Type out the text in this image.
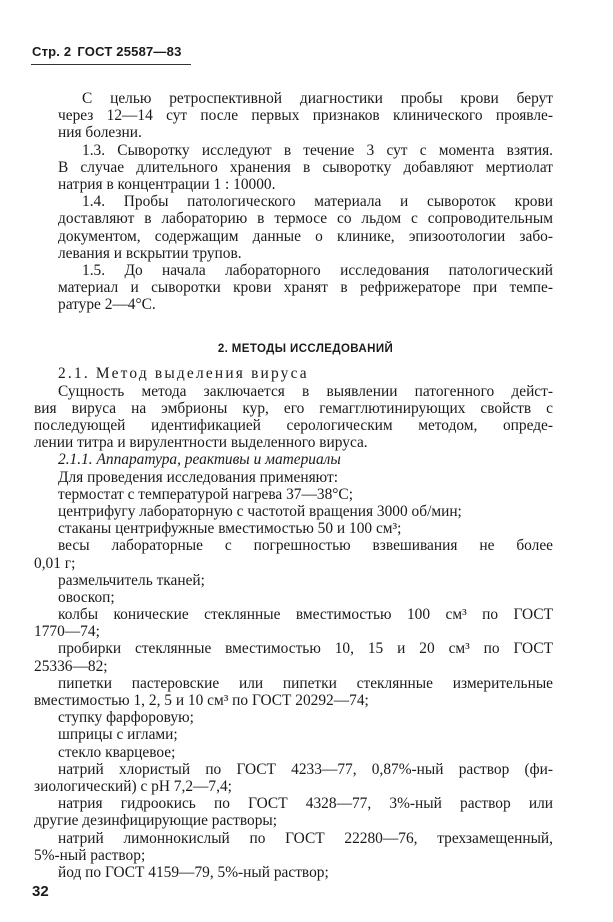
Стр. 2 ГОСТ 25587—83
С целью ретроспективной диагностики пробы крови берут
через 12—14 сут после первых признаков клинического проявле-
ния болезни.
1.3. Сыворотку исследуют в течение 3 сут с момента взятия.
В случае длительного хранения в сыворотку добавляют мертиолат
натрия в концентрации 1 : 10000.
1.4. Пробы патологического материала и сывороток крови
доставляют в лабораторию в термосе со льдом с сопроводительным
документом, содержащим данные о клинике, эпизоотологии забо-
левания и вскрытии трупов.
1.5. До начала лабораторного исследования патологический
материал и сыворотки крови хранят в рефрижераторе при темпе-
ратуре 2—4°С.
2. МЕТОДЫ ИССЛЕДОВАНИЙ
2.1. Метод выделения вируса
Сущность метода заключается в выявлении патогенного дейст-
вия вируса на эмбрионы кур, его гемагглютинирующих свойств с
последующей идентификацией серологическим методом, опреде-
лении титра и вирулентности выделенного вируса.
2.1.1. Аппаратура, реактивы и материалы
Для проведения исследования применяют:
термостат с температурой нагрева 37—38°С;
центрифугу лабораторную с частотой вращения 3000 об/мин;
стаканы центрифужные вместимостью 50 и 100 см³;
весы лабораторные с погрешностью взвешивания не более
0,01 г;
размельчитель тканей;
овоскоп;
колбы конические стеклянные вместимостью 100 см³ по ГОСТ
1770—74;
пробирки стеклянные вместимостью 10, 15 и 20 см³ по ГОСТ
25336—82;
пипетки пастеровские или пипетки стеклянные измерительные
вместимостью 1, 2, 5 и 10 см³ по ГОСТ 20292—74;
ступку фарфоровую;
шприцы с иглами;
стекло кварцевое;
натрий хлористый по ГОСТ 4233—77, 0,87%-ный раствор (фи-
зиологический) с рН 7,2—7,4;
натрия гидроокись по ГОСТ 4328—77, 3%-ный раствор или
другие дезинфицирующие растворы;
натрий лимоннокислый по ГОСТ 22280—76, трехзамещенный,
5%-ный раствор;
йод по ГОСТ 4159—79, 5%-ный раствор;
32
